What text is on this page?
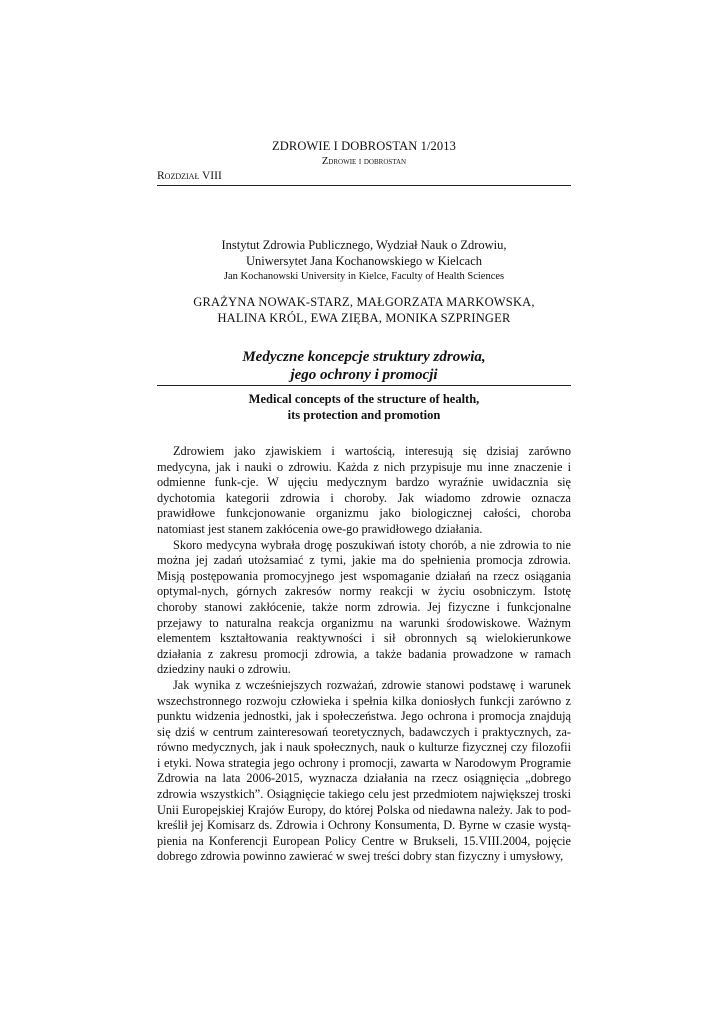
ZDROWIE I DOBROSTAN 1/2013
Zdrowie i dobrostan
Rozdział VIII
Instytut Zdrowia Publicznego, Wydział Nauk o Zdrowiu,
Uniwersytet Jana Kochanowskiego w Kielcach
Jan Kochanowski University in Kielce, Faculty of Health Sciences
GRAŻYNA NOWAK-STARZ, MAŁGORZATA MARKOWSKA,
HALINA KRÓL, EWA ZIĘBA, MONIKA SZPRINGER
Medyczne koncepcje struktury zdrowia,
jego ochrony i promocji
Medical concepts of the structure of health,
its protection and promotion

Zdrowiem jako zjawiskiem i wartością, interesują się dzisiaj zarówno medycyna, jak i nauki o zdrowiu. Każda z nich przypisuje mu inne znaczenie i odmienne funk-cje. W ujęciu medycznym bardzo wyraźnie uwidacznia się dychotomia kategorii zdrowia i choroby. Jak wiadomo zdrowie oznacza prawidłowe funkcjonowanie organizmu jako biologicznej całości, choroba natomiast jest stanem zakłócenia owe-go prawidłowego działania.

Skoro medycyna wybrała drogę poszukiwań istoty chorób, a nie zdrowia to nie można jej zadań utożsamiać z tymi, jakie ma do spełnienia promocja zdrowia. Misją postępowania promocyjnego jest wspomaganie działań na rzecz osiągania optymal-nych, górnych zakresów normy reakcji w życiu osobniczym. Istotę choroby stanowi zakłócenie, także norm zdrowia. Jej fizyczne i funkcjonalne przejawy to naturalna reakcja organizmu na warunki środowiskowe. Ważnym elementem kształtowania reaktywności i sił obronnych są wielokierunkowe działania z zakresu promocji zdrowia, a także badania prowadzone w ramach dziedziny nauki o zdrowiu.

Jak wynika z wcześniejszych rozważań, zdrowie stanowi podstawę i warunek wszechstronnego rozwoju człowieka i spełnia kilka doniosłych funkcji zarówno z punktu widzenia jednostki, jak i społeczeństwa. Jego ochrona i promocja znajdują się dziś w centrum zainteresowań teoretycznych, badawczych i praktycznych, za-równo medycznych, jak i nauk społecznych, nauk o kulturze fizycznej czy filozofii i etyki. Nowa strategia jego ochrony i promocji, zawarta w Narodowym Programie Zdrowia na lata 2006-2015, wyznacza działania na rzecz osiągnięcia „dobrego zdrowia wszystkich”. Osiągnięcie takiego celu jest przedmiotem największej troski Unii Europejskiej Krajów Europy, do której Polska od niedawna należy. Jak to pod-kreślił jej Komisarz ds. Zdrowia i Ochrony Konsumenta, D. Byrne w czasie wystą-pienia na Konferencji European Policy Centre w Brukseli, 15.VIII.2004, pojęcie dobrego zdrowia powinno zawierać w swej treści dobry stan fizyczny i umysłowy,
